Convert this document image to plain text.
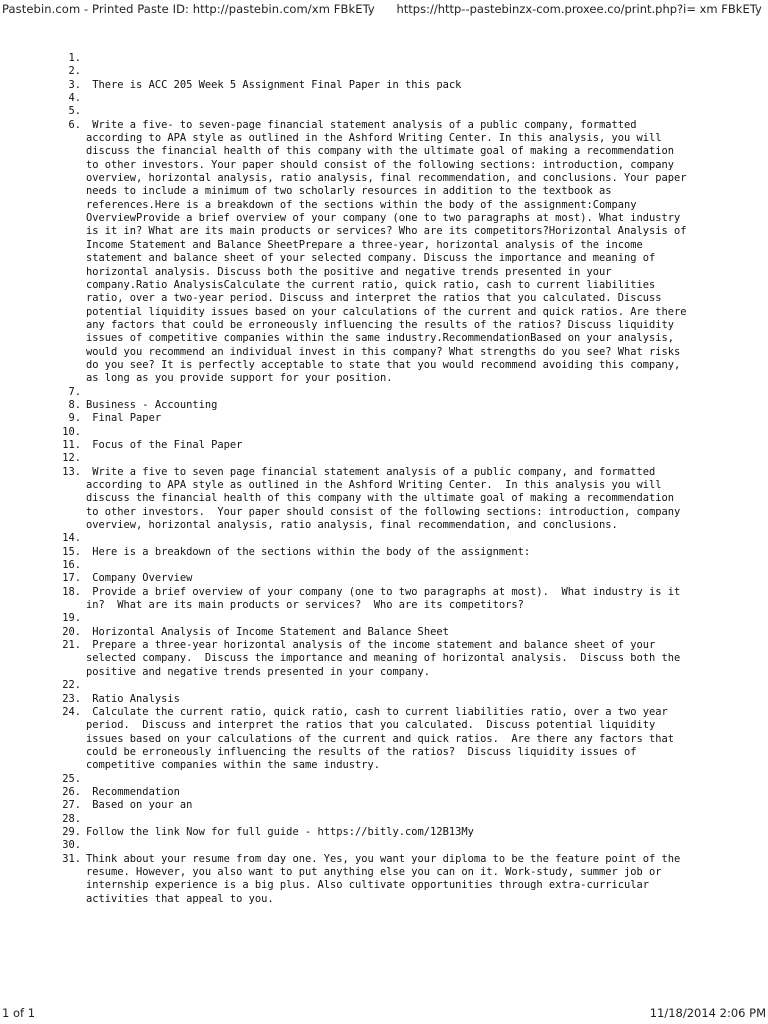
Pastebin.com - Printed Paste ID: http://pastebin.com/xm FBkETy https://http--pastebinzx-com.proxee.co/print.php?i= xm FBkETy
1.
2.
3. There is ACC 205 Week 5 Assignment Final Paper in this pack
4.
5.
6.	Write a five- to seven-page financial statement analysis of a public company, formatted
according to APA style as outlined in the Ashford Writing Center. In this analysis, you will
discuss the financial health of this company with the ultimate goal of making a recommendation
to other investors. Your paper should consist of the following sections: introduction, company
overview, horizontal analysis, ratio analysis, final recommendation, and conclusions. Your paper
needs to include a minimum of two scholarly resources in addition to the textbook as
references.Here is a breakdown of the sections within the body of the assignment:Company
OverviewProvide a brief overview of your company (one to two paragraphs at most). What industry
is it in? What are its main products or services? Who are its competitors?Horizontal Analysis of
Income Statement and Balance SheetPrepare a three-year, horizontal analysis of the income
statement and balance sheet of your selected company. Discuss the importance and meaning of
horizontal analysis. Discuss both the positive and negative trends presented in your
company.Ratio AnalysisCalculate the current ratio, quick ratio, cash to current liabilities
ratio, over a two-year period. Discuss and interpret the ratios that you calculated. Discuss
potential liquidity issues based on your calculations of the current and quick ratios. Are there
any factors that could be erroneously influencing the results of the ratios? Discuss liquidity
issues of competitive companies within the same industry.RecommendationBased on your analysis,
would you recommend an individual invest in this company? What strengths do you see? What risks
do you see? It is perfectly acceptable to state that you would recommend avoiding this company,
as long as you provide support for your position.
7.
8. Business - Accounting
9. Final Paper
10.
11. Focus of the Final Paper
12.
13.	Write a five to seven page financial statement analysis of a public company, and formatted
according to APA style as outlined in the Ashford Writing Center.  In this analysis you will
discuss the financial health of this company with the ultimate goal of making a recommendation
to other investors.  Your paper should consist of the following sections: introduction, company
overview, horizontal analysis, ratio analysis, final recommendation, and conclusions.
14.
15. Here is a breakdown of the sections within the body of the assignment:
16.
17. Company Overview
18.	Provide a brief overview of your company (one to two paragraphs at most).  What industry is it
in?  What are its main products or services?  Who are its competitors?
19.
20. Horizontal Analysis of Income Statement and Balance Sheet
21.	Prepare a three-year horizontal analysis of the income statement and balance sheet of your
selected company.  Discuss the importance and meaning of horizontal analysis.  Discuss both the
positive and negative trends presented in your company.
22.
23. Ratio Analysis
24.	Calculate the current ratio, quick ratio, cash to current liabilities ratio, over a two year
period.  Discuss and interpret the ratios that you calculated.  Discuss potential liquidity
issues based on your calculations of the current and quick ratios.  Are there any factors that
could be erroneously influencing the results of the ratios?  Discuss liquidity issues of
competitive companies within the same industry.
25.
26. Recommendation
27. Based on your an
28.
29. Follow the link Now for full guide - https://bitly.com/12B13My
30.
31. Think about your resume from day one. Yes, you want your diploma to be the feature point of the
resume. However, you also want to put anything else you can on it. Work-study, summer job or
internship experience is a big plus. Also cultivate opportunities through extra-curricular
activities that appeal to you.
1 of 1	11/18/2014 2:06 PM
